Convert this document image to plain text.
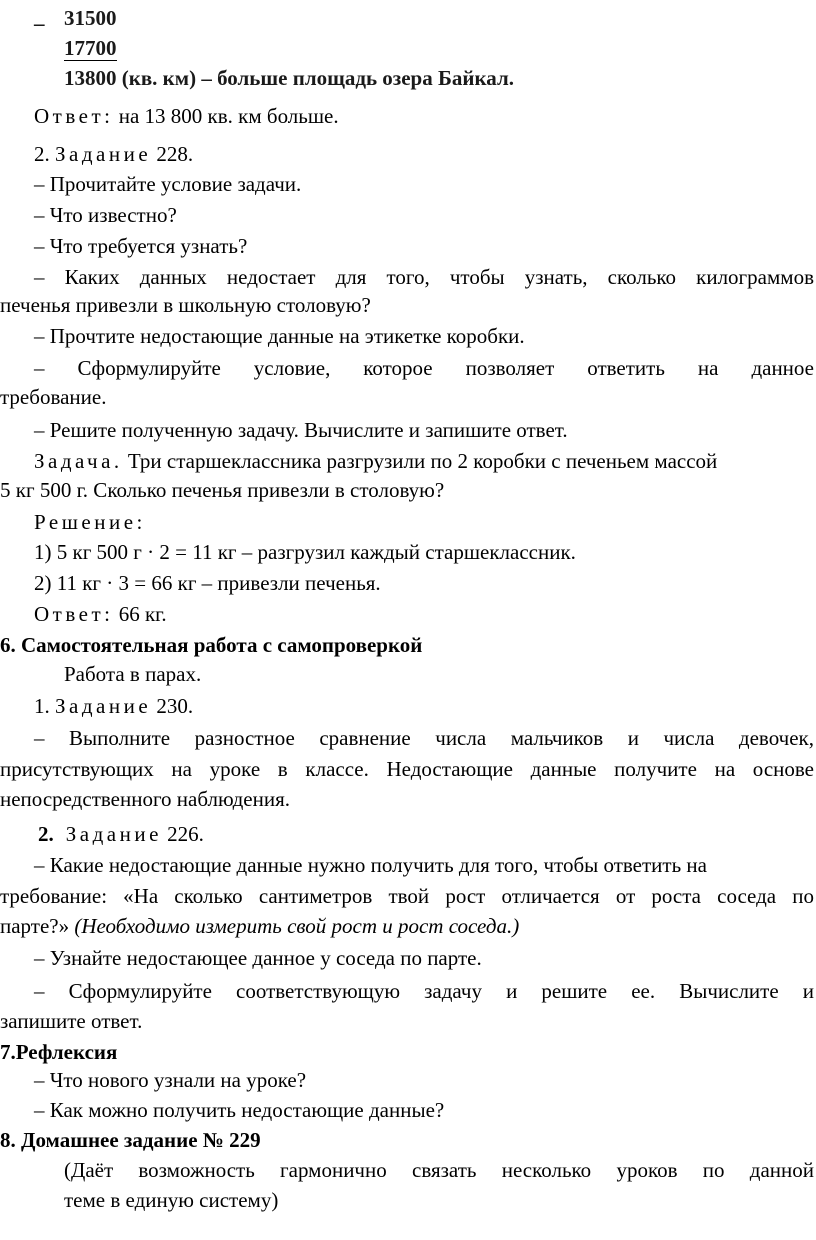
_ 31500
17700
13800 (кв. км) – больше площадь озера Байкал.
Ответ: на 13 800 кв. км больше.
2. Задание 228.
– Прочитайте условие задачи.
– Что известно?
– Что требуется узнать?
– Каких данных недостает для того, чтобы узнать, сколько килограммов
печенья привезли в школьную столовую?
– Прочтите недостающие данные на этикетке коробки.
– Сформулируйте условие, которое позволяет ответить на данное
требование.
– Решите полученную задачу. Вычислите и запишите ответ.
Задача. Три старшеклассника разгрузили по 2 коробки с печеньем массой
5 кг 500 г. Сколько печенья привезли в столовую?
Решение:
1) 5 кг 500 г · 2 = 11 кг – разгрузил каждый старшеклассник.
2) 11 кг · 3 = 66 кг – привезли печенья.
Ответ: 66 кг.
6. Самостоятельная работа с самопроверкой
Работа в парах.
1. Задание 230.
– Выполните разностное сравнение числа мальчиков и числа девочек,
присутствующих на уроке в классе. Недостающие данные получите на основе
непосредственного наблюдения.
2. Задание 226.
– Какие недостающие данные нужно получить для того, чтобы ответить на
требование: «На сколько сантиметров твой рост отличается от роста соседа по
парте?» (Необходимо измерить свой рост и рост соседа.)
– Узнайте недостающее данное у соседа по парте.
– Сформулируйте соответствующую задачу и решите ее. Вычислите и
запишите ответ.
7.Рефлексия
– Что нового узнали на уроке?
– Как можно получить недостающие данные?
8. Домашнее задание № 229
(Даёт возможность гармонично связать несколько уроков по данной
теме в единую систему)
